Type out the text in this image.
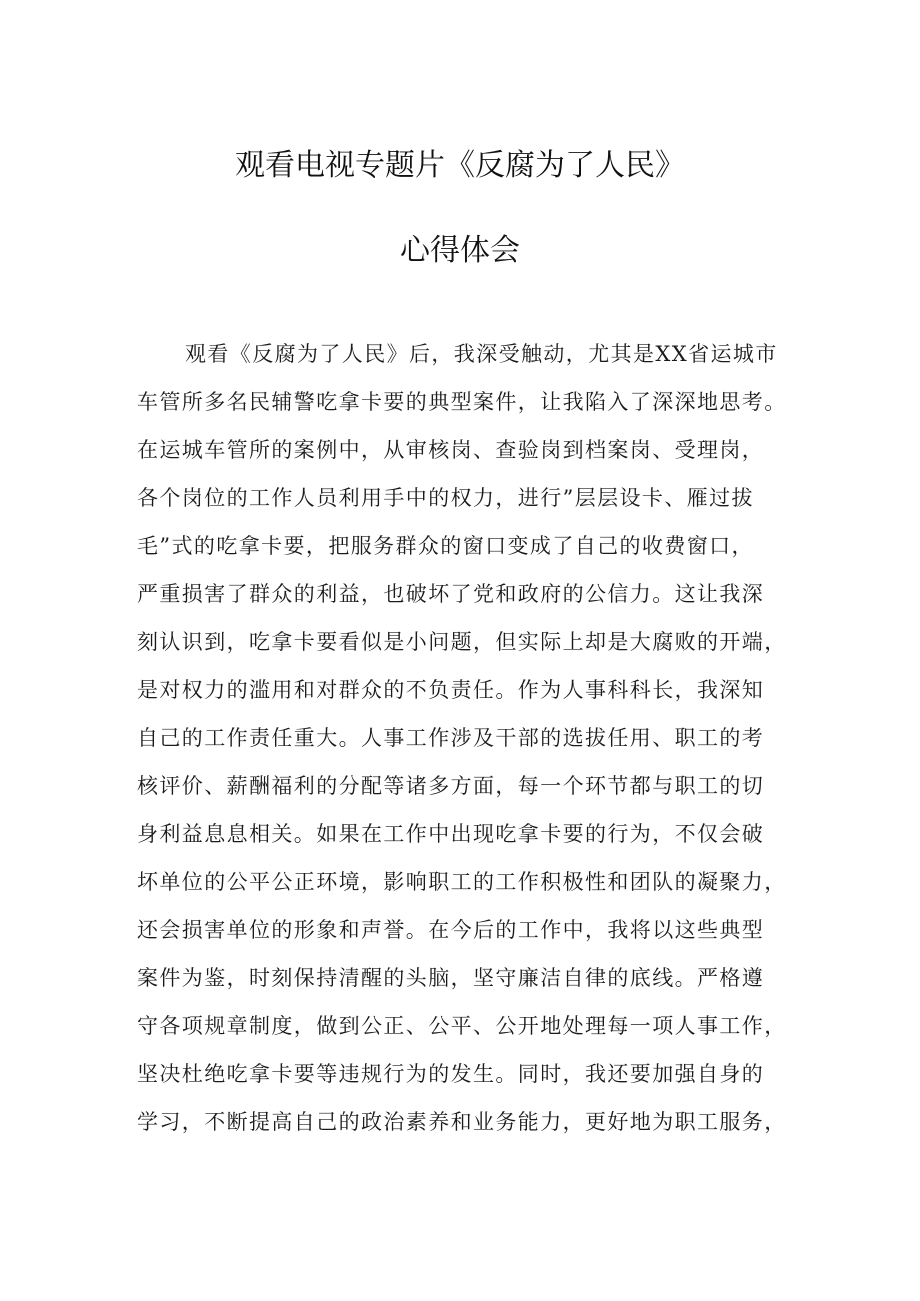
观看电视专题片《反腐为了人民》
心得体会
观看《反腐为了人民》后，我深受触动，尤其是XX省运城市
车管所多名民辅警吃拿卡要的典型案件，让我陷入了深深地思考。
在运城车管所的案例中，从审核岗、查验岗到档案岗、受理岗，
各个岗位的工作人员利用手中的权力，进行”层层设卡、雁过拔
毛”式的吃拿卡要，把服务群众的窗口变成了自己的收费窗口，
严重损害了群众的利益，也破坏了党和政府的公信力。这让我深
刻认识到，吃拿卡要看似是小问题，但实际上却是大腐败的开端，
是对权力的滥用和对群众的不负责任。作为人事科科长，我深知
自己的工作责任重大。人事工作涉及干部的选拔任用、职工的考
核评价、薪酬福利的分配等诸多方面，每一个环节都与职工的切
身利益息息相关。如果在工作中出现吃拿卡要的行为，不仅会破
坏单位的公平公正环境，影响职工的工作积极性和团队的凝聚力，
还会损害单位的形象和声誉。在今后的工作中，我将以这些典型
案件为鉴，时刻保持清醒的头脑，坚守廉洁自律的底线。严格遵
守各项规章制度，做到公正、公平、公开地处理每一项人事工作，
坚决杜绝吃拿卡要等违规行为的发生。同时，我还要加强自身的
学习，不断提高自己的政治素养和业务能力，更好地为职工服务，
